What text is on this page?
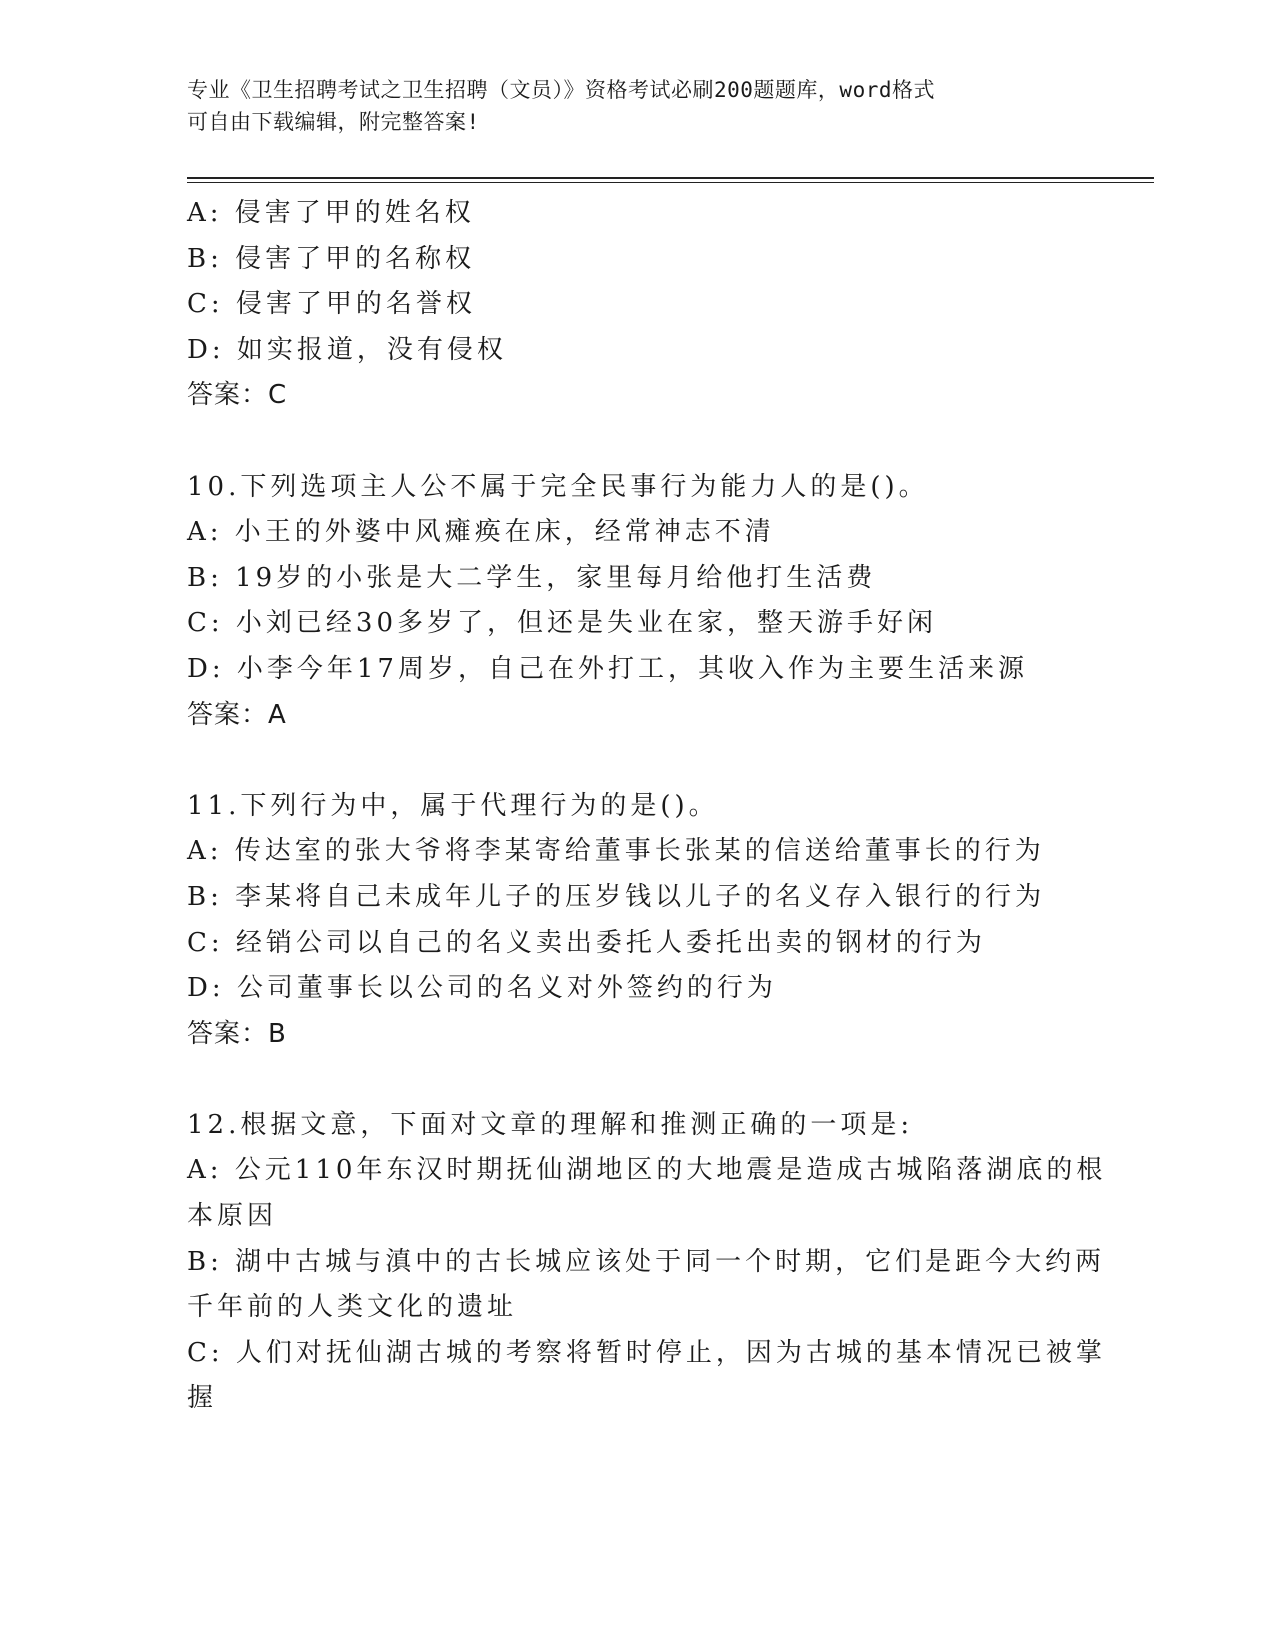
专业《卫生招聘考试之卫生招聘（文员）》资格考试必刷200题题库，word格式
可自由下载编辑，附完整答案!
A: 侵害了甲的姓名权
B: 侵害了甲的名称权
C: 侵害了甲的名誉权
D: 如实报道，没有侵权
答案：C
10.下列选项主人公不属于完全民事行为能力人的是()。
A: 小王的外婆中风瘫痪在床，经常神志不清
B: 19岁的小张是大二学生，家里每月给他打生活费
C: 小刘已经30多岁了，但还是失业在家，整天游手好闲
D: 小李今年17周岁，自己在外打工，其收入作为主要生活来源
答案：A
11.下列行为中，属于代理行为的是()。
A: 传达室的张大爷将李某寄给董事长张某的信送给董事长的行为
B: 李某将自己未成年儿子的压岁钱以儿子的名义存入银行的行为
C: 经销公司以自己的名义卖出委托人委托出卖的钢材的行为
D: 公司董事长以公司的名义对外签约的行为
答案：B
12.根据文意，下面对文章的理解和推测正确的一项是:
A: 公元110年东汉时期抚仙湖地区的大地震是造成古城陷落湖底的根
本原因
B: 湖中古城与滇中的古长城应该处于同一个时期，它们是距今大约两
千年前的人类文化的遗址
C: 人们对抚仙湖古城的考察将暂时停止，因为古城的基本情况已被掌
握
